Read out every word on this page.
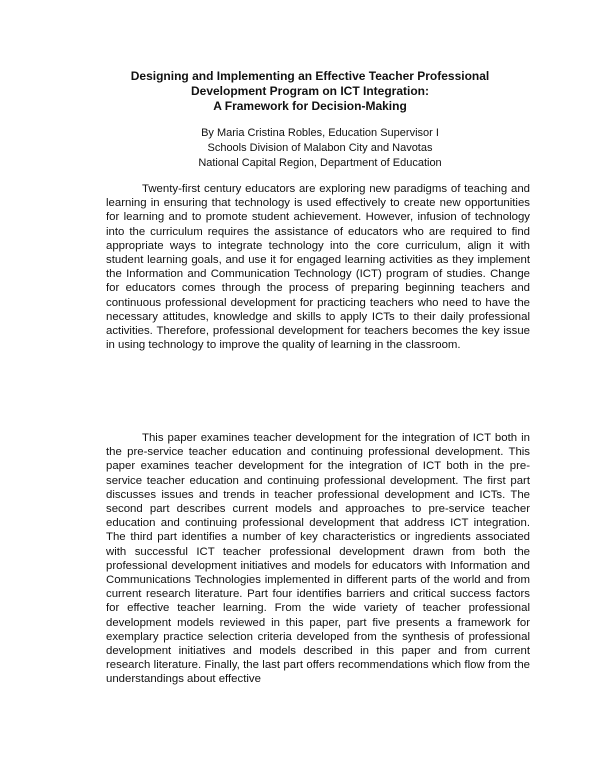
Designing and Implementing an Effective Teacher Professional
Development Program on ICT Integration:
A Framework for Decision-Making
By Maria Cristina Robles, Education Supervisor I
Schools Division of Malabon City and Navotas
National Capital Region, Department of Education

Twenty-first century educators are exploring new paradigms of teaching and learning in ensuring that technology is used effectively to create new opportunities for learning and to promote student achievement. However, infusion of technology into the curriculum requires the assistance of educators who are required to find appropriate ways to integrate technology into the core curriculum, align it with student learning goals, and use it for engaged learning activities as they implement the Information and Communication Technology (ICT) program of studies. Change for educators comes through the process of preparing beginning teachers and continuous professional development for practicing teachers who need to have the necessary attitudes, knowledge and skills to apply ICTs to their daily professional activities. Therefore, professional development for teachers becomes the key issue in using technology to improve the quality of learning in the classroom.

This paper examines teacher development for the integration of ICT both in the pre-service teacher education and continuing professional development. This paper examines teacher development for the integration of ICT both in the pre-service teacher education and continuing professional development. The first part discusses issues and trends in teacher professional development and ICTs. The second part describes current models and approaches to pre-service teacher education and continuing professional development that address ICT integration. The third part identifies a number of key characteristics or ingredients associated with successful ICT teacher professional development drawn from both the professional development initiatives and models for educators with Information and Communications Technologies implemented in different parts of the world and from current research literature. Part four identifies barriers and critical success factors for effective teacher learning. From the wide variety of teacher professional development models reviewed in this paper, part five presents a framework for exemplary practice selection criteria developed from the synthesis of professional development initiatives and models described in this paper and from current research literature. Finally, the last part offers recommendations which flow from the understandings about effective
